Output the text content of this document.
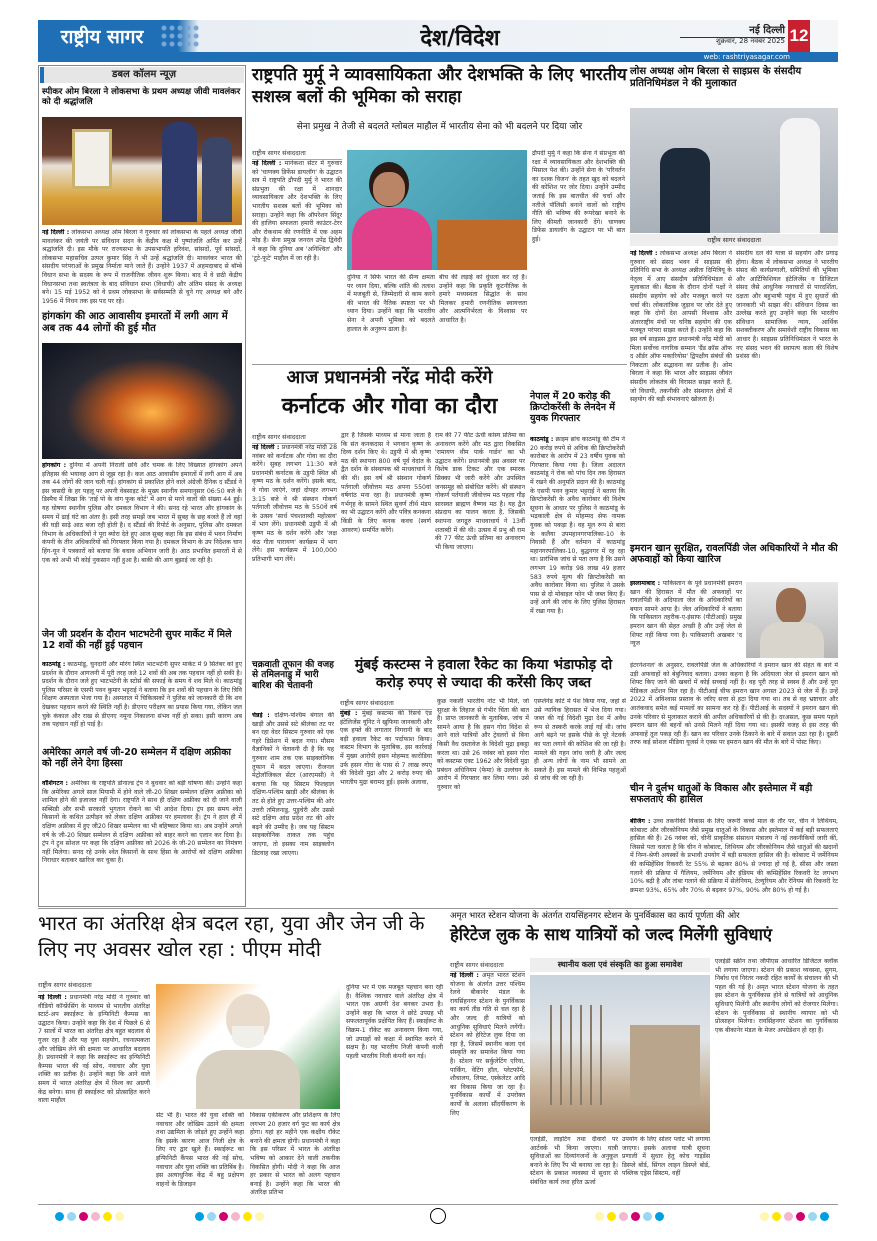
राष्ट्रीय सागर	देश/विदेश	नई दिल्ली
शुक्रवार, 28 नवंबर 2025 12
web: rashtriyasagar.com
डबल कॉलम न्यूज़
स्पीकर ओम बिरला ने लोकसभा के प्रथम अध्यक्ष जीवी मावलंकर को दी श्रद्धांजलि
नई दिल्ली : लोकसभा अध्यक्ष ओम बिरला ने गुरुवार को लोकसभा के पहले अध्यक्ष जीवी मावलंकर की जयंती पर संविधान सदन के केंद्रीय कक्ष में पुष्पांजलि अर्पित कर उन्हें श्रद्धांजलि दी। इस मौके पर राज्यसभा के उपसभापति हरिवंश, सांसदों, पूर्व सांसदों, लोकसभा महासचिव उत्पल कुमार सिंह ने भी उन्हें श्रद्धांजलि दी। मावलंकर भारत की संसदीय परंपराओं के प्रमुख निर्माता माने जाते हैं। उन्होंने 1937 में अहमदाबाद से बॉम्बे विधान सभा के सदस्य के रूप में राजनीतिक जीवन शुरू किया। बाद में वे छठी केंद्रीय विधानसभा तथा स्वतंत्रता के बाद संविधान सभा (विधायी) और अंतिम संसद के अध्यक्ष बने। 15 मई 1952 को वे प्रथम लोकसभा के सर्वसम्मति से चुने गए अध्यक्ष बने और 1956 में निधन तक इस पद पर रहे।
हांगकांग की आठ आवासीय इमारतों में लगी आग में अब तक 44 लोगों की हुई मौत
हांगकांग : दुनिया में अपनी निराली छवि और चमक के लिए विख्यात हांगकांग अपने इतिहास की भयावह आग से जूझ रहा है। कल आठ आवासीय इमारतों में लगी आग में अब तक 44 लोगों की जान चली गई। हांगकांग से प्रकाशित होने वाले अंग्रेजी दैनिक द स्टैंडर्ड ने इस त्रासदी के हर पहलू पर अपनी वेबसाइट के मुख्य स्थानीय समयानुसार 06:50 बजे के डिस्पैच में लिखा कि 'ताई पो के वांग फुक कोर्ट' में आग से मरने वालों की संख्या 44 हुई। यह घोषणा स्थानीय पुलिस और दमकल विभाग ने की। सनद रहे भारत और हांगकांग के समय में ढाई घंटे का अंतर है। इसी तरह समझें जब भारत में सुबह के छह बजते हैं तो वहां की घड़ी साढ़े आठ बजा रही होती है। द स्टैंडर्ड की रिपोर्ट के अनुसार, पुलिस और दमकल विभाग के अधिकारियों ने पूरा ब्योरा देते हुए आज सुबह कहा कि इस संबंध में भवन निर्माण कंपनी के तीन अधिकारियों को गिरफ्तार किया गया है। दमकल विभाग के उप निदेशक चान हिंग-यून ने पत्रकारों को बताया कि बचाव अभियान जारी है। आठ प्रभावित इमारतों में से एक को अभी भी कोई नुकसान नहीं हुआ है। बाकी की आग बुझाई जा रही है।
जेन जी प्रदर्शन के दौरान भाटभटेनी सुपर मार्केट में मिले 12 शवों की नहीं हुई पहचान
काठमांडू : काठमांडू, चुनदारी और मोरंग स्थित भाटभटेनी सुपर मार्केट में 9 सितंबर को हुए प्रदर्शन के दौरान आगजनी में पूरी तरह जले 12 शवों की अब तक पहचान नहीं हो सकी है। प्रदर्शन के दौरान जले हुए भाटभटेनी के स्टोर्स की सफाई के समय ये शव मिले थे। काठमांडू पुलिस परिसर के एसपी पवन कुमार भट्टराई ने बताया कि इन शवों की पहचान के लिए त्रिवि शिक्षण अस्पताल भेजा गया है। अस्पताल में चिकित्सकों ने पुलिस को जानकारी दी कि शव देखकर पहचान करने की स्थिति नहीं है। डीएनए परीक्षण का प्रयास किया गया, लेकिन जल चुके कंकाल और राख से डीएनए नमूना निकालना संभव नहीं हो सका। इसी कारण अब तक पहचान नहीं हो पाई है।
अमेरिका अगले वर्ष जी-20 सम्मेलन में दक्षिण अफ्रीका को नहीं लेने देगा हिस्सा
वॉशिंगटन : अमेरिका के राष्ट्रपति डोनाल्ड ट्रंप ने बुधवार को बड़ी घोषणा की। उन्होंने कहा कि अमेरिका अगले साल मियामी में होने वाले जी-20 शिखर सम्मेलन दक्षिण अफ्रीका को शामिल होने की इजाजत नहीं देगा। राष्ट्रपति ने साथ ही दक्षिण अफ्रीका को दी जाने वाली सब्सिडी और सभी सरकारी भुगतान रोकने का भी आदेश दिया। ट्रंप इस समय श्वेत किसानों के कथित उत्पीड़न को लेकर दक्षिण अफ्रीका पर हमलावर हैं। ट्रंप ने हाल ही में दक्षिण अफ्रीका में हुए जी20 शिखर सम्मेलन का भी बहिष्कार किया था। अब उन्होंने अगले वर्ष के जी-20 शिखर सम्मेलन से दक्षिण अफ्रीका को बाहर करने का एलान कर दिया है। ट्रंप ने ट्रुथ सोशल पर कहा कि दक्षिण अफ्रीका को 2026 के जी-20 सम्मेलन का निमंत्रण नहीं मिलेगा। सनद रहे उनके श्वेत किसानों के साथ हिंसा के आरोपों को दक्षिण अफ्रीका निराधार बताकर खारिज कर चुका है।
राष्ट्रपति मुर्मू ने व्यावसायिकता और देशभक्ति के लिए भारतीय सशस्त्र बलों की भूमिका को सराहा
सेना प्रमुख ने तेजी से बदलते ग्लोबल माहौल में भारतीय सेना को भी बदलने पर दिया जोर
राष्ट्रीय सागर संवाददाता
नई दिल्ली : मानेकशा सेंटर में गुरुवार को 'चाणक्य डिफेंस डायलॉग' के उद्घाटन सत्र में राष्ट्रपति द्रौपदी मुर्मु ने भारत की संप्रभुता की रक्षा में शानदार व्यावसायिकता और देशभक्ति के लिए भारतीय सशस्त्र बलों की भूमिका को सराहा। उन्होंने कहा कि ऑपरेशन सिंदूर की हालिया सफलता हमारी काउंटर-टेरर और रोकथाम की रणनीति में एक अहम मोड़ है। सेना प्रमुख जनरल उपेंद्र द्विवेदी ने कहा कि दुनिया अब 'अनिश्चित' और 'टूटे-फूटे' माहौल में जा रही है।
दुनिया ने सिर्फ भारत की सैन्य क्षमता पर ध्यान दिया, बल्कि शांति की तलाश में मजबूती से, जिम्मेदारी से काम करने की भारत की नैतिक स्पष्टता पर भी ध्यान दिया। उन्होंने कहा कि भारतीय सेना ने अपनी भूमिका को बदलते हालात के अनुरूप ढाला है।
बीच की लड़ाई को धुंधला कर रहे हैं। उन्होंने कहा कि प्रकृति कूटनीतिक के हमारे मध्यस्थता सिद्धांत के साथ मिलकर हमारी रणनीतिक स्वायत्तता और आत्मनिर्भरता के विश्वास पर आधारित है।
द्रौपदी मुर्मु ने कहा कि सेना ने संप्रभुता की रक्षा में व्यावसायिकता और देशभक्ति की मिसाल पेश की। उन्होंने सेना के 'परिवर्तन का दशक विजन' के तहत खुद को बदलने की कोशिश पर जोर दिया। उन्होंने उम्मीद जताई कि इस बातचीत की चर्चा और नतीजे पॉलिसी बनाने वालों को राष्ट्रीय नीति की भविष्य की रूपरेखा बनाने के लिए कीमती जानकारी देंगे। चाणक्य डिफेंस डायलॉग के उद्घाटन पर भी बात हुई।
लोस अध्यक्ष ओम बिरला से साइप्रस के संसदीय प्रतिनिधिमंडल ने की मुलाकात
राष्ट्रीय सागर संवाददाता
नई दिल्ली : लोकसभा अध्यक्ष ओम बिरला ने गुरुवार को संसद भवन में साइप्रस की प्रतिनिधि सभा के अध्यक्ष अन्नीता दिमित्रियू के नेतृत्व में आए संसदीय प्रतिनिधिमंडल से मुलाकात की। बैठक के दौरान दोनों पक्षों ने संसदीय सहयोग को और मजबूत करने पर चर्चा की। लोकतांत्रिक जुड़ाव पर जोर देते हुए कहा कि दोनों देश आपसी विश्वास और अंतरराष्ट्रीय मंचों पर घनिष्ठ सहयोग की एक मजबूत परंपरा साझा करते हैं। उन्होंने कहा कि इस वर्ष साइप्रस द्वारा प्रधानमंत्री नरेंद्र मोदी को मिला सर्वोच्च नागरिक सम्मान 'ग्रैंड क्रॉस ऑफ द ऑर्डर ऑफ मकारियोस' द्विपक्षीय संबंधों की निकटता और सद्भावना का प्रतीक है। ओम बिरला ने कहा कि भारत और साइप्रस जीवंत संसदीय लोकतंत्र की विरासत साझा करते हैं, जो विधायी, तकनीकी और संस्थागत क्षेत्रों में सहयोग की बड़ी संभावनाएं खोलता है।
संसदीय दल की यात्रा से सहयोग और प्रगाढ़ होगा। बैठक में लोकसभा अध्यक्ष ने भारतीय संसद की कार्यप्रणाली, समितियों की भूमिका और आर्टिफिशियल इंटेलिजेंस व डिजिटल संसद जैसे आधुनिक नवाचारों से पारदर्शिता, दक्षता और बहुभाषी पहुंच में हुए सुधारों की जानकारी भी साझा की। संविधान दिवस का उल्लेख करते हुए उन्होंने कहा कि भारतीय संविधान सामाजिक न्याय, आर्थिक सशक्तीकरण और समावेशी राष्ट्रीय विकास का आधार है। साइप्रस प्रतिनिधिमंडल ने भारत के नए संसद भवन की स्थापत्य कला की विशेष प्रशंसा की।
आज प्रधानमंत्री नरेंद्र मोदी करेंगे
कर्नाटक और गोवा का दौरा
राष्ट्रीय सागर संवाददाता
नई दिल्ली : प्रधानमंत्री नरेंद्र मोदी 28 नवंबर को कर्नाटक और गोवा का दौरा करेंगे। सुबह लगभग 11:30 बजे प्रधानमंत्री कर्नाटक के उडुपी स्थित श्री कृष्ण मठ के दर्शन करेंगे। इसके बाद, वे गोवा जाएंगे, जहां दोपहर लगभग 3:15 बजे वे श्री संस्थान गोकर्ण पर्तगाली जीवोत्तम मठ के 550वें वर्ष के उत्सव 'सार्ध पंचशताब्दी महोत्सव' में भाग लेंगे। प्रधानमंत्री उडुपी में श्री कृष्ण मठ के दर्शन करेंगे और 'लक्ष कंठ गीता पारायण' कार्यक्रम में भाग लेंगे। इस कार्यक्रम में 100,000 प्रतिभागी भाग लेंगे।
द्वार है जिसके माध्यम से माना जाता है कि संत कनकदास ने भगवान कृष्ण के दिव्य दर्शन किए थे। उडुपी में श्री कृष्ण मठ की स्थापना 800 वर्ष पूर्व वेदांत के द्वैत दर्शन के संस्थापक श्री माधवाचार्य ने की थी। इस वर्ष श्री संस्थान गोकर्ण पर्तगाली जीवोत्तम मठ अपना 550वां वर्षगांठ मना रहा है। प्रधानमंत्री कृष्ण गर्भगृह के सामने स्थित सुवर्ण तीर्थ मंडप का भी उद्घाटन करेंगे और पवित्र कनकना किंडी के लिए कनक कवच (स्वर्ण आवरण) समर्पित करेंगे।
राम की 77 फीट ऊंची कांस्य प्रतिमा का अनावरण करेंगे और मठ द्वारा विकसित 'रामायण थीम पार्क गार्डन' का भी उद्घाटन करेंगे। प्रधानमंत्री इस अवसर पर विशेष डाक टिकट और एक स्मारक सिक्का भी जारी करेंगे और उपस्थित जनसमूह को संबोधित करेंगे। श्री संस्थान गोकर्ण पर्तगाली जीवोत्तम मठ पहला गौड़ सारस्वत ब्राह्मण वैष्णव मठ है। यह द्वैत संप्रदाय का पालन करता है, जिसकी स्थापना जगद्गुरु माधवाचार्य ने 13वीं शताब्दी में की थी। उत्सव में प्रभु श्री राम की 77 फीट ऊंची प्रतिमा का अनावरण भी किया जाएगा।
नेपाल में 20 करोड़ की क्रिप्टोकरेंसी के लेनदेन में युवक गिरफ्तार
काठमांडू : क्राइम ब्रांच काठमांडू की टीम ने 20 करोड़ रुपये से अधिक की क्रिप्टोकरेंसी कारोबार के आरोप में 23 वर्षीय युवक को गिरफ्तार किया गया है। जिला अदालत काठमांडू ने रोक को पांच दिन तक हिरासत में रखने की अनुमति प्रदान की है। काठमांडू के एसपी पवन कुमार भट्टराई ने बताया कि क्रिप्टोकरेंसी के अवैध कारोबार की विशेष सूचना के आधार पर पुलिस ने काठमांडू के भद्रकाली क्षेत्र से मोहम्मद सेफ नामक युवक को पकड़ा है। वह मूल रूप से बारा के कलैया उपमहानगरपालिका-10 के निवासी हैं और वर्तमान में काठमांडू महानगरपालिका-10, बुद्धनगर में रह रहा था। प्रारंभिक जांच से पता लगा है कि उसने लगभग 19 करोड़ 98 लाख 49 हजार 583 रुपये मूल्य की क्रिप्टोकरेंसी का अवैध कारोबार किया था। पुलिस ने उसके पास से दो मोबाइल फोन भी जब्त किए हैं। उन्हें आगे की जांच के लिए पुलिस हिरासत में रखा गया है।
चक्रवाती तूफान की वजह से तमिलनाडु में भारी बारिश की चेतावनी
चेन्नई : दक्षिण-पश्चिम बंगाल की खाड़ी और उससे सटे श्रीलंका तट पर बन रहा वेदर सिस्टम गुरुवार को एक गहरे डिप्रेशन में बदल गया। मौसम वैज्ञानिकों ने चेतावनी दी है कि यह गुरुवार शाम तक एक साइक्लोनिक तूफान में बदल जाएगा। रीजनल मेट्रोलॉजिकल सेंटर (आरएमसी) ने बताया कि यह सिस्टम फिलहाल दक्षिण-पश्चिम खाड़ी और श्रीलंका के तट से होते हुए उत्तर-पश्चिम की ओर उत्तरी तमिलनाडु, पुडुचेरी और उससे सटे दक्षिण आंध्र प्रदेश तट की ओर बढ़ने की उम्मीद है। जब यह सिस्टम साइक्लोनिक ताकत तक पहुंच जाएगा, तो इसका नाम साइक्लोन डिटवाह रखा जाएगा।
मुंबई कस्टम्स ने हवाला रैकेट का किया भंडाफोड़ दो करोड़ रुपए से ज्यादा की करेंसी किए जब्त
राष्ट्रीय सागर संवाददाता
मुंबई : मुंबई कस्टम्स की रिसर्च एंड इंटेलिजेंस यूनिट ने खुफिया जानकारी और एक हफ्ते की लगातार निगरानी के बाद बड़ी हवाला रैकेट का पर्दाफाश किया। कस्टम विभाग के मुताबिक, इस कार्रवाई में मुख्य आरोपी हसन मोहम्मद कारोडिया उर्फ हसन गोरा के पास से 7 लाख रुपए की विदेशी मुद्रा और 2 करोड़ रुपए की भारतीय मुद्रा बरामद हुई। इसके अलावा,
कुछ नकली भारतीय नोट भी मिले, जो सुरक्षा के लिहाज से गंभीर चिंता की बात है। प्राप्त जानकारी के मुताबिक, जांच में सामने आया है कि हसन गोरा विदेश से आने वाले यात्रियों और ट्रेवलरों से बिना किसी वैध दस्तावेज के विदेशी मुद्रा इकट्ठा करता था। उसे 26 नवंबर को हसन गोरा को कस्टम्स एक्ट 1962 और विदेशी मुद्रा प्रबंधन अधिनियम (फेमा) के उल्लंघन के आरोप में गिरफ्तार कर लिया गया। उसे गुरुवार को
एस्प्लेनेड कोर्ट में पेश किया गया, जहां से उसे न्यायिक हिरासत में भेज दिया गया। जब्त की गई विदेशी मुद्रा देश में अवैध रूप से तस्करी करके लाई गई थी। जांच आगे बढ़ने पर इसके पीछे के पूरे नेटवर्क का पता लगाने की कोशिश की जा रही है। मामले की गहन जांच जारी है और जल्द ही अन्य लोगों के नाम भी सामने आ सकते हैं। इस मामले की विभिन्न पहलुओं से जांच की जा रही है।
इमरान खान सुरक्षित, रावलपिंडी जेल अधिकारियों ने मौत की अफवाहों को किया खारिज
इस्लामाबाद : पाकिस्तान के पूर्व प्रधानमंत्री इमरान खान की हिरासत में मौत की अफवाहों पर रावलपिंडी के अदियाला जेल के अधिकारियों का बयान सामने आया है। जेल अधिकारियों ने बताया कि पाकिस्तान तहरीक-ए-इंसाफ (पीटीआई) प्रमुख इमरान खान की सेहत अच्छी है और उन्हें जेल से शिफ्ट नहीं किया गया है। पाकिस्तानी अखबार 'द न्यूज
इंटरनेशनल' के अनुसार, रावलपिंडी जेल के अधिकारियों ने इमरान खान की सेहत के बारे में उड़ी अफवाहों को बेबुनियाद बताया। उनका कहना है कि अदियाला जेल से इमरान खान को शिफ्ट किए जाने की खबरों में कोई सच्चाई नहीं है। वह पूरी तरह से स्वस्थ हैं और उन्हें पूरा मेडिकल अटेंशन मिल रहा है। पीटीआई चीफ इमरान खान अगस्त 2023 से जेल में हैं। उन्हें 2022 में अविश्वास प्रस्ताव के जरिए सत्ता से हटा दिया गया था। तब से वह भ्रष्टाचार और आतंकवाद समेत कई मामलों का सामना कर रहे हैं। पीटीआई के सदस्यों ने इमरान खान की उनके परिवार से मुलाकात कराने की अपील अधिकारियों से की है। दरअसल, कुछ समय पहले इमरान खान की बहनों को उनसे मिलने नहीं दिया गया था। इसकी वजह से इस तरह की अफवाहें तूल पकड़ रही हैं। खान का परिवार उनके ठिकाने के बारे में सवाल उठा रहा है। दूसरी तरफ कई सोशल मीडिया यूजर्स ने एक्स पर इमरान खान की मौत के बारे में पोस्ट किए।
चीन ने दुर्लभ धातुओं के विकास और इस्तेमाल में बड़ी सफलताएं की हासिल
बीजिंग : उच्च तकनीकी विकास के लिए जरूरी कच्चे माल के तौर पर, चीन ने लिथियम, कोबाल्ट और जीरकोनियम जैसे प्रमुख धातुओं के विकास और इस्तेमाल में कई बड़ी सफलताएं हासिल की हैं। 26 नवंबर को, चीनी प्राकृतिक संसाधन मंत्रालय ने नई तकनीकियों जारी कीं, जिससे पता चलता है कि चीन ने कोबाल्ट, लिथियम और जीरकोनियम जैसे धातुओं की खदानों में निम्न-श्रेणी अयस्कों के प्रभावी उपयोग में बड़ी सफलता हासिल की है। कोबाल्ट में जर्मेनियम की कम्प्रिहेंसिव रिकवरी रेट 55% से बढ़कर 80% से ज्यादा हो गई है, सीसा और जस्ता गलाने की प्रक्रिया में गैलियम, जर्मेनियम और इंडियम की कम्प्रिहेंसिव रिकवरी रेट लगभग 10% बढ़ी है और तांबा गलाने की प्रक्रिया में सेलेनियम, टेल्यूरियम और रेनियम की रिकवरी रेट क्रमशः 93%, 65% और 70% से बढ़कर 97%, 90% और 80% हो गई है।
भारत का अंतरिक्ष क्षेत्र बदल रहा, युवा और जेन जी के लिए नए अवसर खोल रहा : पीएम मोदी
राष्ट्रीय सागर संवाददाता
नई दिल्ली : प्रधानमंत्री नरेंद्र मोदी ने गुरुवार को वीडियो कॉन्फ्रेंसिंग के माध्यम से भारतीय अंतरिक्ष स्टार्ट-अप स्काईरूट के इन्फिनिटी कैम्पस का उद्घाटन किया। उन्होंने कहा कि देश में पिछले 6 से 7 सालों में भारत का अंतरिक्ष क्षेत्र बहुत बदलाव से गुजर रहा है और यह युवा सहयोग, रचनात्मकता और जोखिम लेने की क्षमता पर आधारित बदलाव है। प्रधानमंत्री ने कहा कि स्काईरूट का इन्फिनिटी कैम्पस भारत की नई सोच, नवाचार और युवा शक्ति का प्रतीक है। उन्होंने कहा कि आने वाले समय में भारत अंतरिक्ष क्षेत्र में विश्व का अग्रणी केंद्र बनेगा। साथ ही स्काईरूट को प्रोत्साहित करने वाला माहौल
सेट भी है। भारत की युवा शक्ति को नवाचार और जोखिम उठाने की क्षमता तथा उद्यमिता के जोड़ते हुए उन्होंने कहा कि इसके कारण आज निजी क्षेत्र के लिए नए द्वार खुले हैं। स्काईरूट का इन्फिनिटी कैंपस भारत की नई सोच, नवाचार और युवा शक्ति का प्रतिबिंब है। इस अत्याधुनिक केंद्र में बहु प्रक्षेपण वाहनों के डिजाइन
विकास एकीकरण और प्रशिक्षण के लिए लगभग 20 हजार वर्ग फुट का कार्य क्षेत्र होगा। यहां हर महीने एक कक्षीय रॉकेट बनाने की क्षमता होगी। प्रधानमंत्री ने कहा कि इस परिसर में भारत के अंतरिक्ष भविष्य को आकार देने वाली तकनीक विकसित होगी। मोदी ने कहा कि आज हर प्रकार से भारत को अलग पहचान बनाई है। उन्होंने कहा कि भारत की अंतरिक्ष प्रतिभा
दुनिया भर में एक मजबूत पहचान बना रही है। वैश्विक नवाचार वाले अंतरिक्ष क्षेत्र में भारत एक अग्रणी देश बनकर उभरा है। उन्होंने कहा कि भारत ने छोटे उपग्रह भी सफलतापूर्वक प्रक्षेपित किए हैं। स्काईरूट के विक्रम-1 रॉकेट का अनावरण किया गया, जो उपग्रहों को कक्षा में स्थापित करने में सक्षम है। यह भारतीय निजी कंपनी वाली पहली भारतीय निजी कंपनी बन गई।
अमृत भारत स्टेशन योजना के अंतर्गत रायसिंहनगर स्टेशन के पुनर्विकास का कार्य पूर्णता की ओर
हेरिटेज लुक के साथ यात्रियों को जल्द मिलेंगी सुविधाएं
राष्ट्रीय सागर संवाददाता
नई दिल्ली : अमृत भारत स्टेशन योजना के अंतर्गत उत्तर पश्चिम रेलवे बीकानेर मंडल के रायसिंहनगर स्टेशन के पुनर्विकास का कार्य तीव्र गति से चल रहा है और जल्द ही यात्रियों को आधुनिक सुविधाएं मिलने लगेंगी। स्टेशन को हेरिटेज लुक दिया जा रहा है, जिसमें स्थानीय कला एवं संस्कृति का समावेश किया गया है। स्टेशन पर सर्कुलेटिंग एरिया, पार्किंग, वेटिंग हॉल, प्लेटफॉर्म, शौचालय, लिफ्ट, एस्केलेटर आदि का विकास किया जा रहा है। पुनर्विकास कार्यों में उपरोक्त कार्यों के अलावा सौंदर्यीकरण के लिए
स्थानीय कला एवं संस्कृति का हुआ समावेश
एलईडी, लाइटिंग तथा दीवारों पर आर्टवर्क भी किया जाएगा। यात्री सुविधाओं का दिव्यांगजनों के अनुकूल बनाने के लिए रैंप भी बनाया जा रहा है। स्टेशन के प्रकाश व्यवस्था में सुधार से संबंधित कार्य तथा हरित ऊर्जा
उपयोग के लिए सोलर प्लांट भी लगाया जाएगा। इसके अलावा यात्री सूचना प्रणाली में सुधार हेतु कोच गाइडेंस डिस्प्ले बोर्ड, सिंगल लाइन डिस्प्ले बोर्ड, पब्लिक एड्रेस सिस्टम, वहीं
एलईडी स्क्रीन तथा जीपीएस आधारित डिजिटल क्लॉक भी लगाया जाएगा। स्टेशन की प्रकाश व्यवस्था, सुगम, निर्बाध एवं निरंतर नकदी रहित कार्यों के संचालन की भी पहल की गई है। अमृत भारत स्टेशन योजना के तहत इस स्टेशन के पुनर्विकास होने से यात्रियों को आधुनिक सुविधाएं मिलेंगी और स्थानीय लोगों को रोजगार मिलेगा। स्टेशन के पुनर्विकास से स्थानीय व्यापार को भी प्रोत्साहन मिलेगा। रायसिंहनगर स्टेशन का पुनर्विकास एक बीकानेर मंडल के मेजर अपग्रेडेशन हो रहा है।
